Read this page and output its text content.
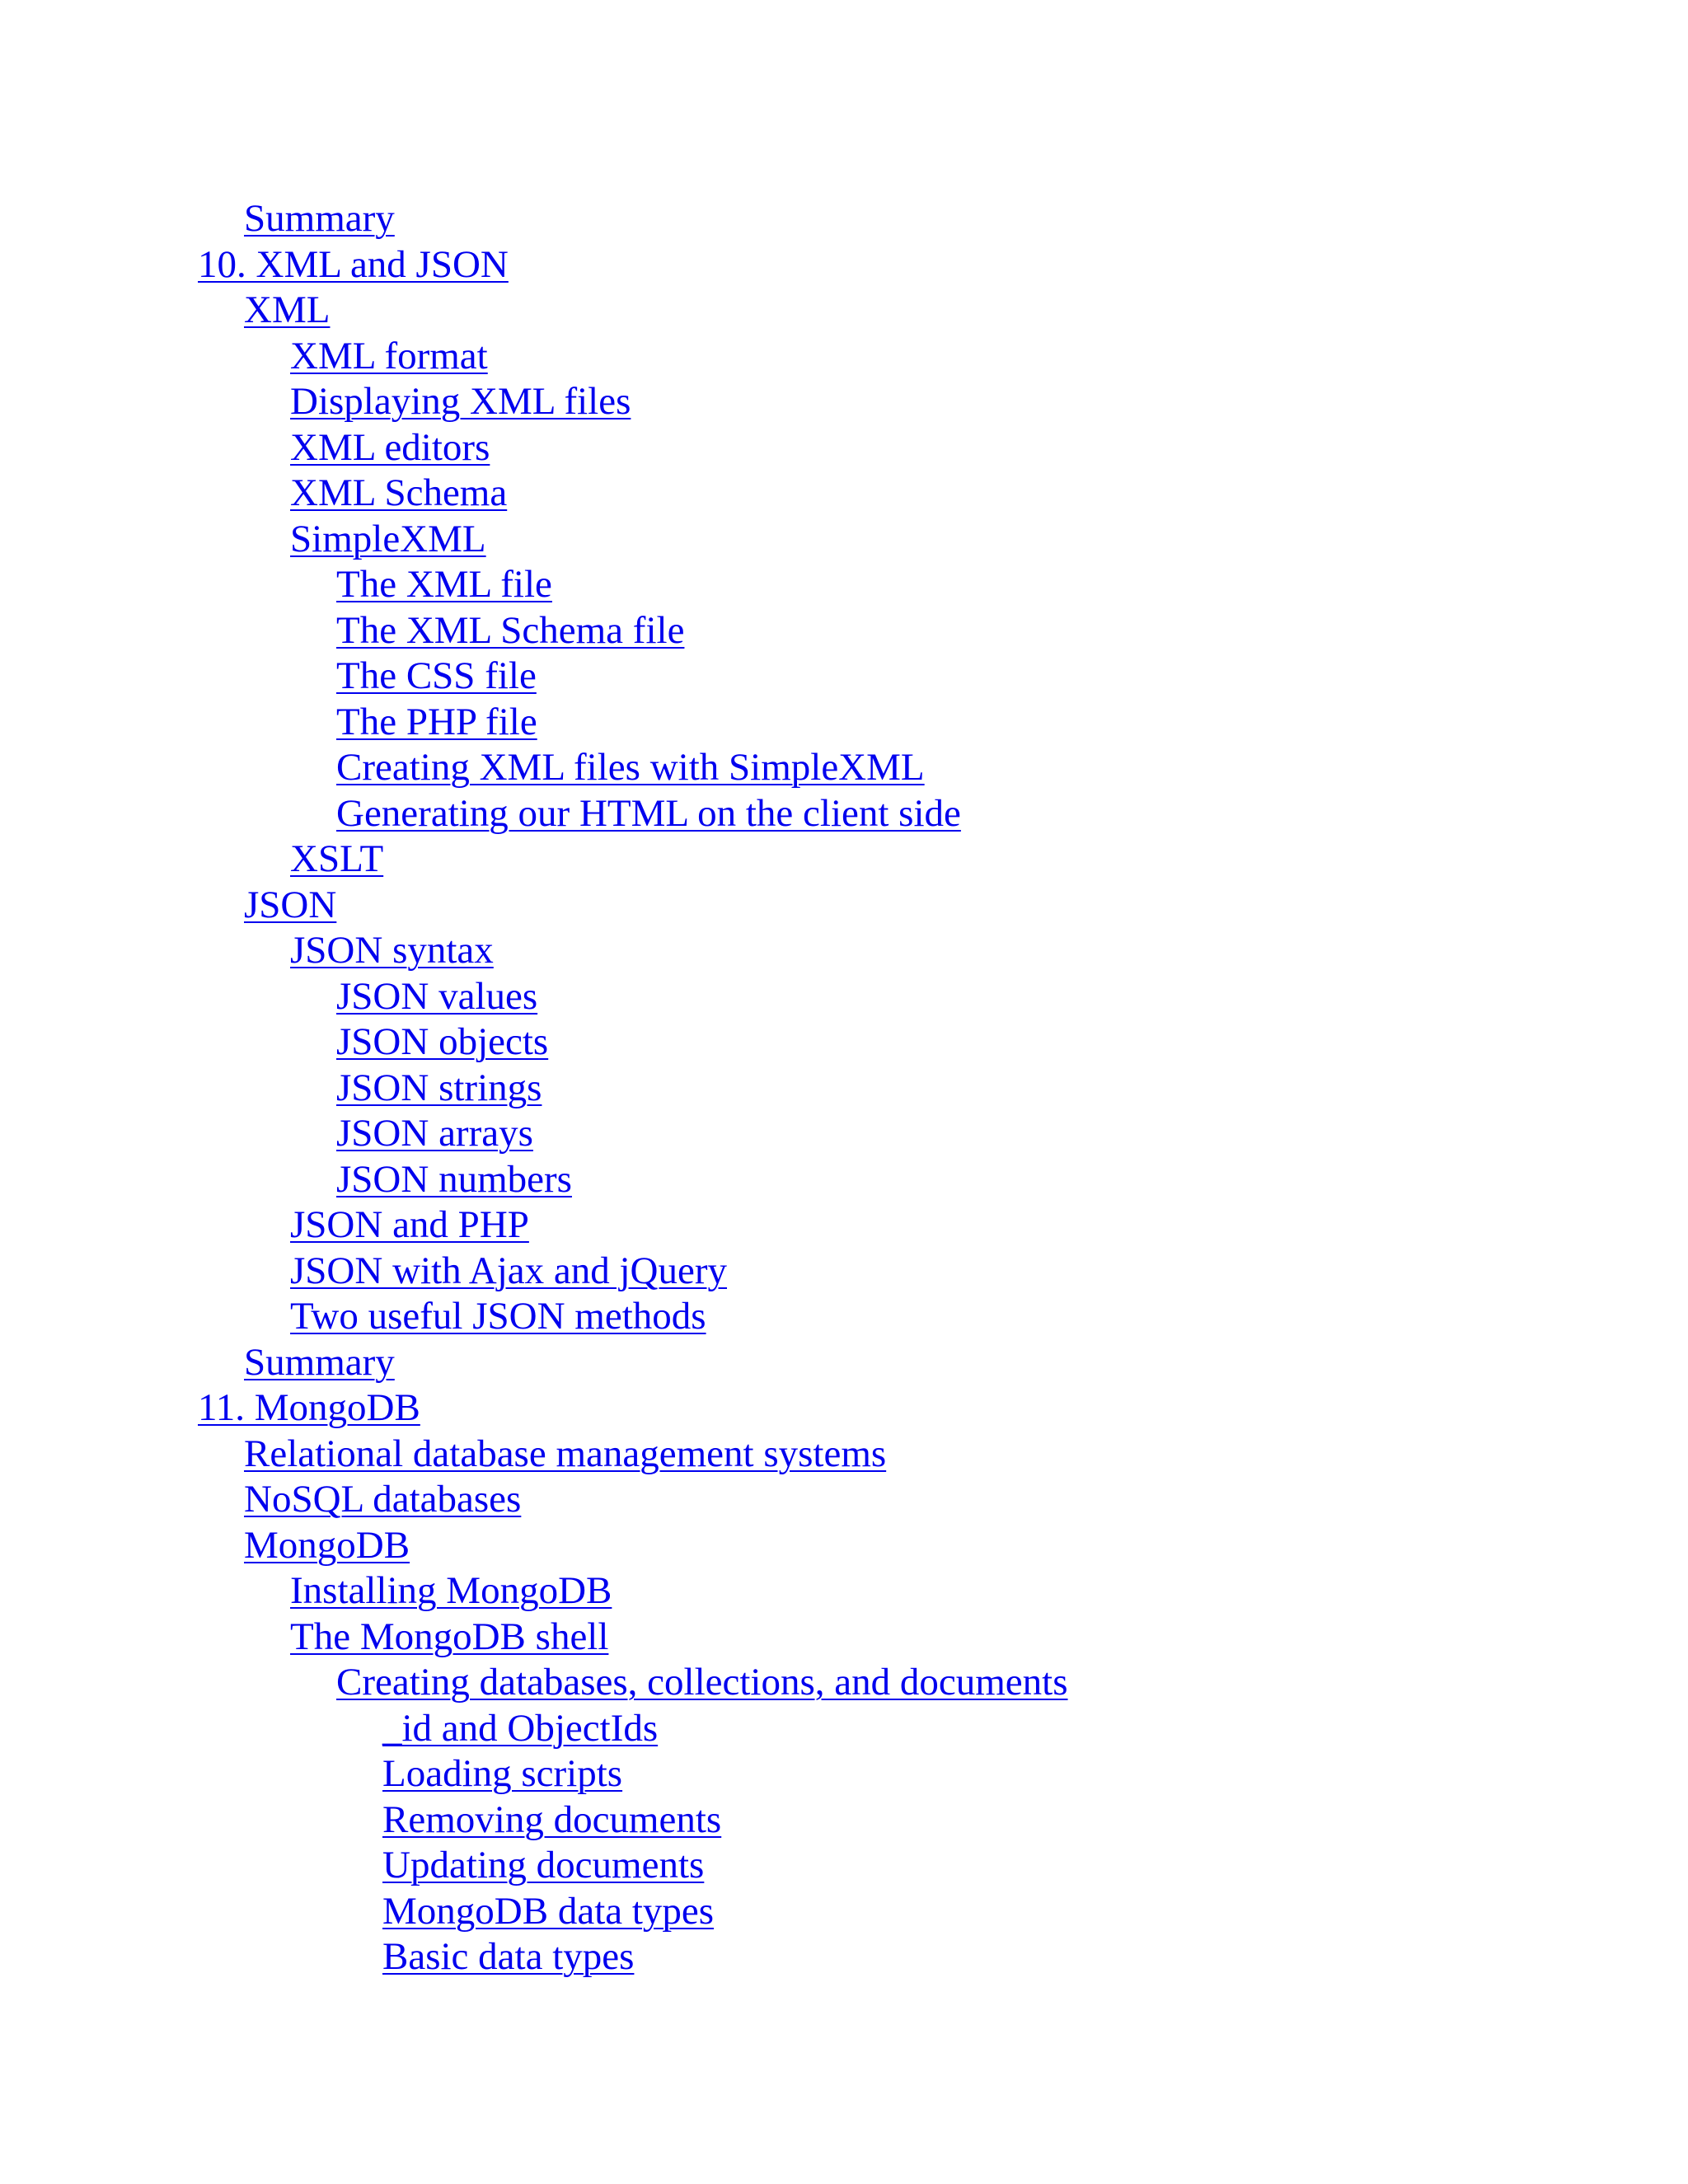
Summary
10. XML and JSON
XML
XML format
Displaying XML files
XML editors
XML Schema
SimpleXML
The XML file
The XML Schema file
The CSS file
The PHP file
Creating XML files with SimpleXML
Generating our HTML on the client side
XSLT
JSON
JSON syntax
JSON values
JSON objects
JSON strings
JSON arrays
JSON numbers
JSON and PHP
JSON with Ajax and jQuery
Two useful JSON methods
Summary
11. MongoDB
Relational database management systems
NoSQL databases
MongoDB
Installing MongoDB
The MongoDB shell
Creating databases, collections, and documents
_id and ObjectIds
Loading scripts
Removing documents
Updating documents
MongoDB data types
Basic data types
